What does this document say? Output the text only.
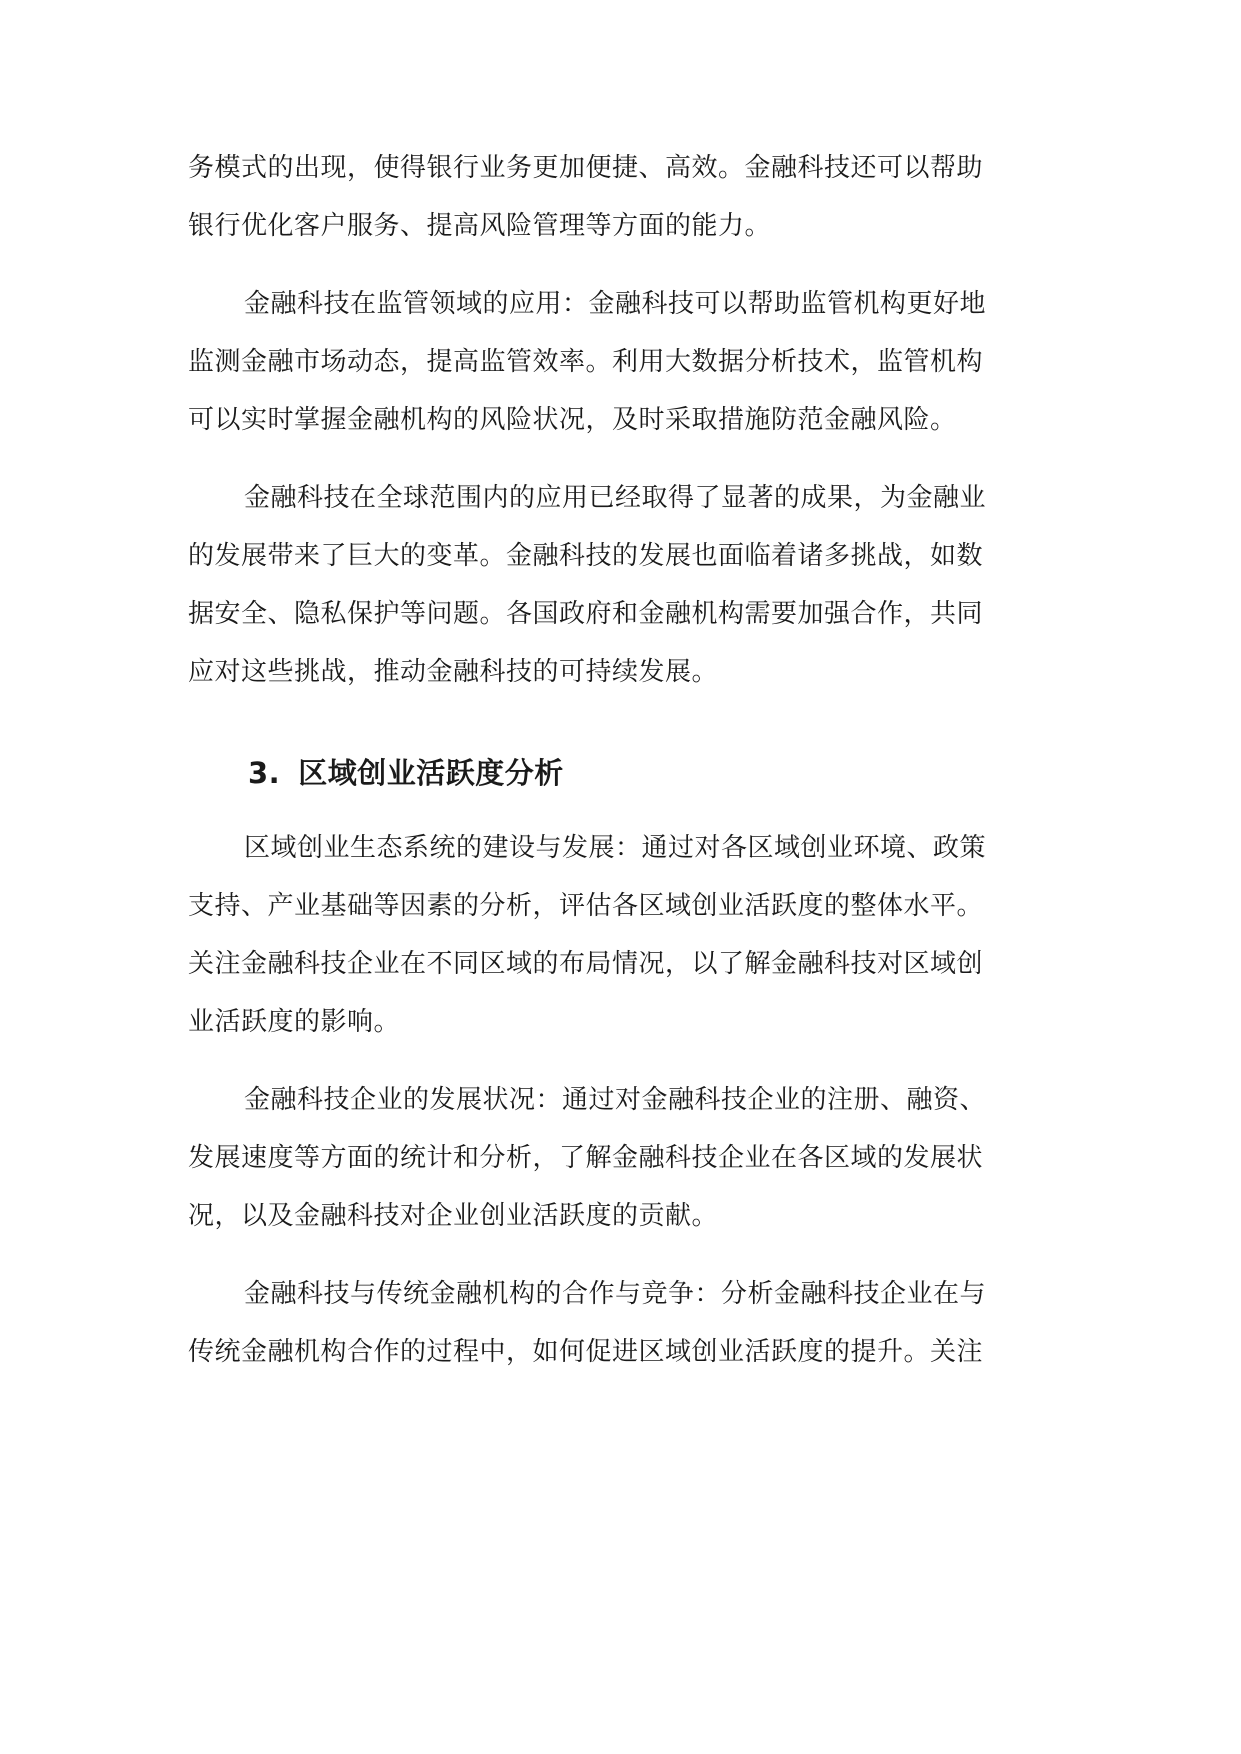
务模式的出现，使得银行业务更加便捷、高效。金融科技还可以帮助
银行优化客户服务、提高风险管理等方面的能力。

金融科技在监管领域的应用：金融科技可以帮助监管机构更好地
监测金融市场动态，提高监管效率。利用大数据分析技术，监管机构
可以实时掌握金融机构的风险状况，及时采取措施防范金融风险。

金融科技在全球范围内的应用已经取得了显著的成果，为金融业
的发展带来了巨大的变革。金融科技的发展也面临着诸多挑战，如数
据安全、隐私保护等问题。各国政府和金融机构需要加强合作，共同
应对这些挑战，推动金融科技的可持续发展。

3. 区域创业活跃度分析

区域创业生态系统的建设与发展：通过对各区域创业环境、政策
支持、产业基础等因素的分析，评估各区域创业活跃度的整体水平。
关注金融科技企业在不同区域的布局情况，以了解金融科技对区域创
业活跃度的影响。

金融科技企业的发展状况：通过对金融科技企业的注册、融资、
发展速度等方面的统计和分析，了解金融科技企业在各区域的发展状
况，以及金融科技对企业创业活跃度的贡献。

金融科技与传统金融机构的合作与竞争：分析金融科技企业在与
传统金融机构合作的过程中，如何促进区域创业活跃度的提升。关注
